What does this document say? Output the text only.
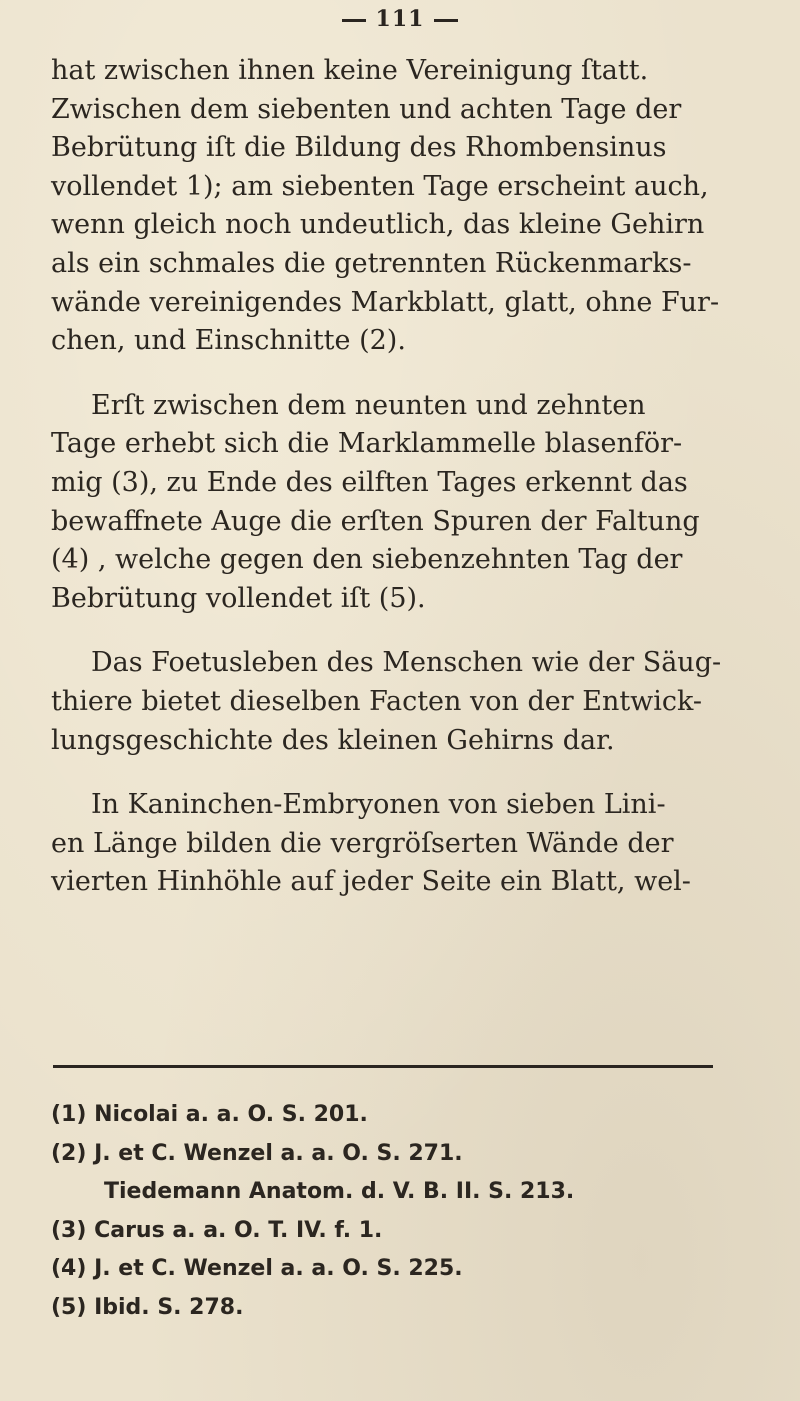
111

hat zwischen ihnen keine Vereinigung ſtatt.
Zwischen dem siebenten und achten Tage der
Bebrütung iſt die Bildung des Rhombensinus
vollendet 1); am siebenten Tage erscheint auch,
wenn gleich noch undeutlich, das kleine Gehirn
als ein schmales die getrennten Rückenmarks-
wände vereinigendes Markblatt, glatt, ohne Fur-
chen, und Einschnitte (2).

Erſt zwischen dem neunten und zehnten
Tage erhebt sich die Marklammelle blasenför-
mig (3), zu Ende des eilften Tages erkennt das
bewaffnete Auge die erſten Spuren der Faltung
(4) , welche gegen den siebenzehnten Tag der
Bebrütung vollendet iſt (5).

Das Foetusleben des Menschen wie der Säug-
thiere bietet dieselben Facten von der Entwick-
lungsgeschichte des kleinen Gehirns dar.

In Kaninchen-Embryonen von sieben Lini-
en Länge bilden die vergröſserten Wände der
vierten Hinhöhle auf jeder Seite ein Blatt, wel-

(1) Nicolai a. a. O. S. 201.
(2) J. et C. Wenzel a. a. O. S. 271.
Tiedemann Anatom. d. V. B. II. S. 213.
(3) Carus a. a. O. T. IV. f. 1.
(4) J. et C. Wenzel a. a. O. S. 225.
(5) Ibid. S. 278.
